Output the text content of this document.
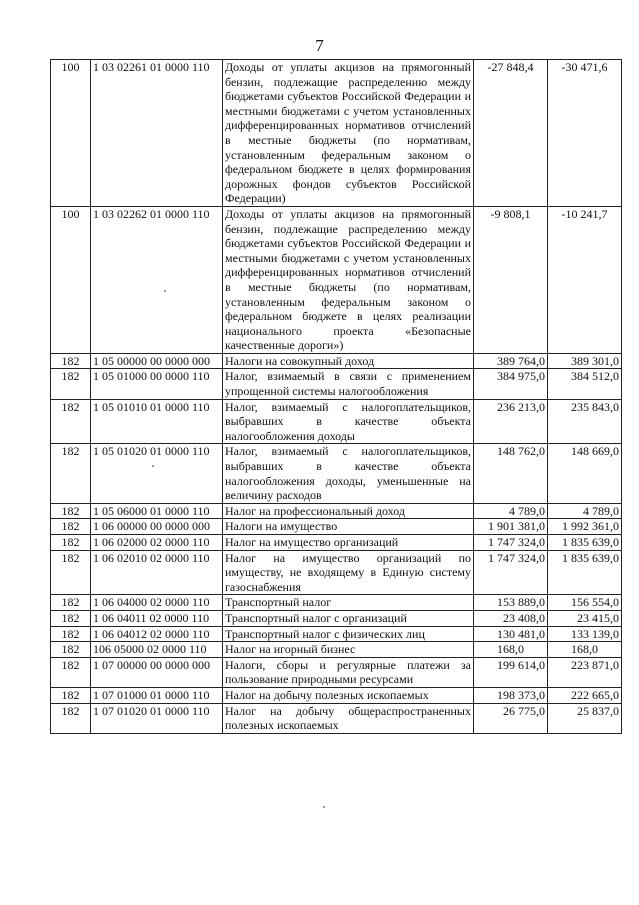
7
100	1 03 02261 01 0000 110	Доходы от уплаты акцизов на прямогонный бензин, подлежащие распределению между бюджетами субъектов Российской Федерации и местными бюджетами с учетом установленных дифференцированных нормативов отчислений в местные бюджеты (по нормативам, установленным федеральным законом о федеральном бюджете в целях формирования дорожных фондов субъектов Российской Федерации)	-27 848,4	-30 471,6
100	1 03 02262 01 0000 110	Доходы от уплаты акцизов на прямогонный бензин, подлежащие распределению между бюджетами субъектов Российской Федерации и местными бюджетами с учетом установленных дифференцированных нормативов отчислений в местные бюджеты (по нормативам, установленным федеральным законом о федеральном бюджете в целях реализации национального проекта «Безопасные качественные дороги»)	-9 808,1	-10 241,7
182	1 05 00000 00 0000 000	Налоги на совокупный доход	389 764,0	389 301,0
182	1 05 01000 00 0000 110	Налог, взимаемый в связи с применением упрощенной системы налогообложения	384 975,0	384 512,0
182	1 05 01010 01 0000 110	Налог, взимаемый с налогоплательщиков, выбравших в качестве объекта налогообложения доходы	236 213,0	235 843,0
182	1 05 01020 01 0000 110	Налог, взимаемый с налогоплательщиков, выбравших в качестве объекта налогообложения доходы, уменьшенные на величину расходов	148 762,0	148 669,0
182	1 05 06000 01 0000 110	Налог на профессиональный доход	4 789,0	4 789,0
182	1 06 00000 00 0000 000	Налоги на имущество	1 901 381,0	1 992 361,0
182	1 06 02000 02 0000 110	Налог на имущество организаций	1 747 324,0	1 835 639,0
182	1 06 02010 02 0000 110	Налог на имущество организаций по имуществу, не входящему в Единую систему газоснабжения	1 747 324,0	1 835 639,0
182	1 06 04000 02 0000 110	Транспортный налог	153 889,0	156 554,0
182	1 06 04011 02 0000 110	Транспортный налог с организаций	23 408,0	23 415,0
182	1 06 04012 02 0000 110	Транспортный налог с физических лиц	130 481,0	133 139,0
182	106 05000 02 0000 110	Налог на игорный бизнес	168,0	168,0
182	1 07 00000 00 0000 000	Налоги, сборы и регулярные платежи за пользование природными ресурсами	199 614,0	223 871,0
182	1 07 01000 01 0000 110	Налог на добычу полезных ископаемых	198 373,0	222 665,0
182	1 07 01020 01 0000 110	Налог на добычу общераспространенных полезных ископаемых	26 775,0	25 837,0
